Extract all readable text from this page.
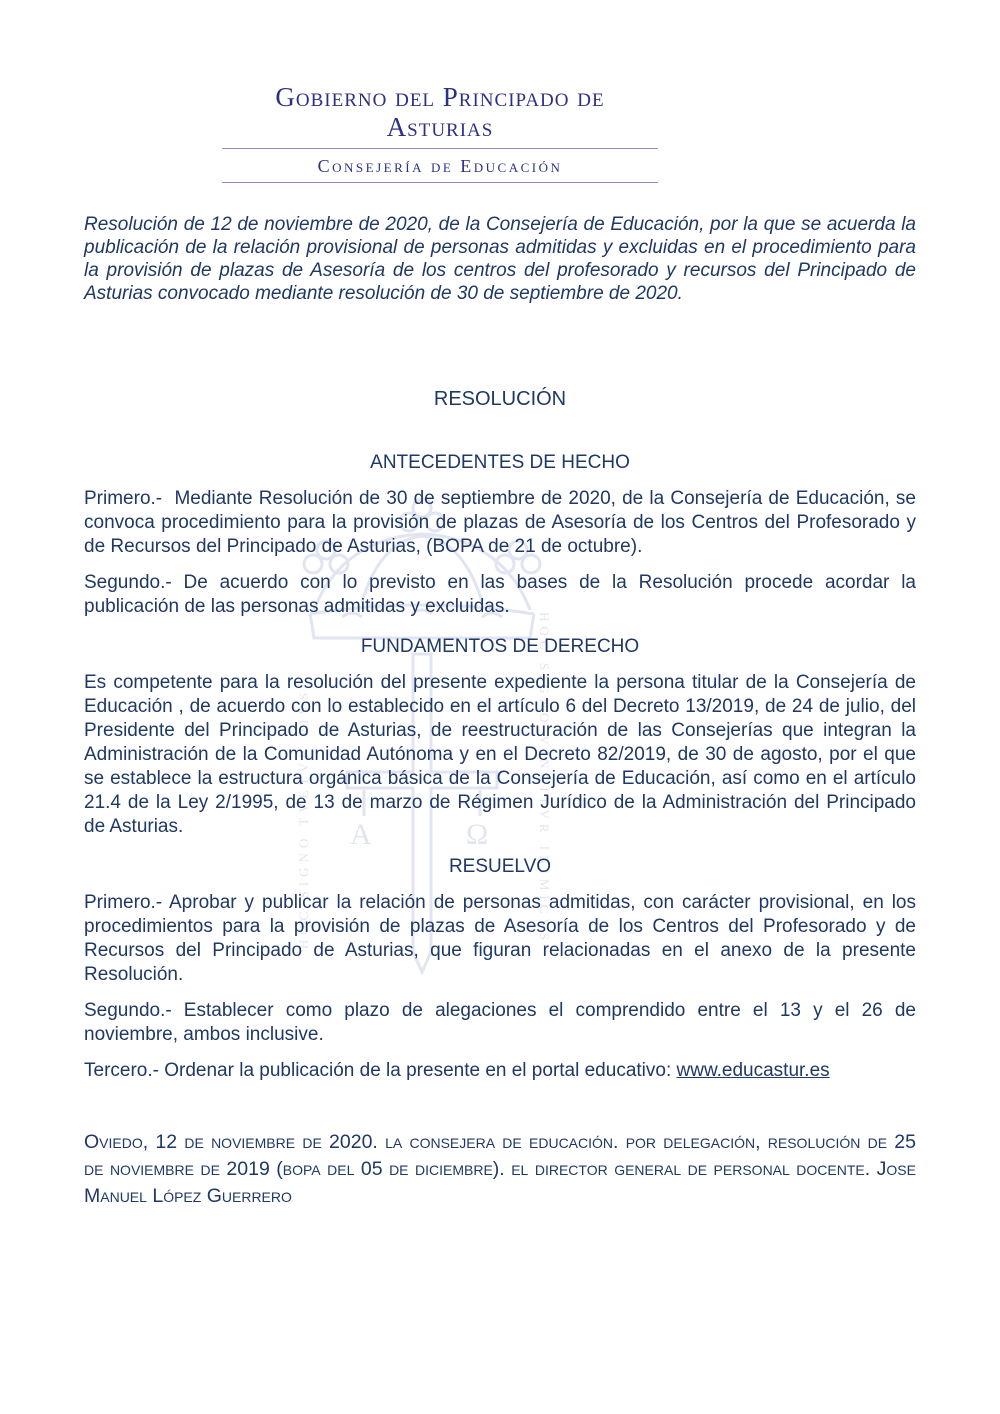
Α	Ω
HOC SIGNO TVETVR PIVS	HOC SIGNO VINCITVR INIMICVS
Gobierno del Principado de Asturias
Consejería de Educación

Resolución de 12 de noviembre de 2020, de la Consejería de Educación, por la que se acuerda la publicación de la relación provisional de personas admitidas y excluidas en el procedimiento para la provisión de plazas de Asesoría de los centros del profesorado y recursos del Principado de Asturias convocado mediante resolución de 30 de septiembre de 2020.

RESOLUCIÓN
ANTECEDENTES DE HECHO

Primero.-  Mediante Resolución de 30 de septiembre de 2020, de la Consejería de Educación, se convoca procedimiento para la provisión de plazas de Asesoría de los Centros del Profesorado y de Recursos del Principado de Asturias, (BOPA de 21 de octubre).

Segundo.- De acuerdo con lo previsto en las bases de la Resolución procede acordar la publicación de las personas admitidas y excluidas.

FUNDAMENTOS DE DERECHO

Es competente para la resolución del presente expediente la persona titular de la Consejería de Educación , de acuerdo con lo establecido en el artículo 6 del Decreto 13/2019, de 24 de julio, del Presidente del Principado de Asturias, de reestructuración de las Consejerías que integran la Administración de la Comunidad Autónoma y en el Decreto 82/2019, de 30 de agosto, por el que se establece la estructura orgánica básica de la Consejería de Educación, así como en el artículo 21.4 de la Ley 2/1995, de 13 de marzo de Régimen Jurídico de la Administración del Principado de Asturias.

RESUELVO

Primero.- Aprobar y publicar la relación de personas admitidas, con carácter provisional, en los procedimientos para la provisión de plazas de Asesoría de los Centros del Profesorado y de Recursos del Principado de Asturias, que figuran relacionadas en el anexo de la presente Resolución.

Segundo.- Establecer como plazo de alegaciones el comprendido entre el 13 y el 26 de noviembre, ambos inclusive.

Tercero.- Ordenar la publicación de la presente en el portal educativo: www.educastur.es

Oviedo, 12 de noviembre de 2020. la consejera de educación. por delegación, resolución de 25  de noviembre de 2019 (bopa del 05 de diciembre). el director general de personal docente. Jose Manuel López Guerrero
